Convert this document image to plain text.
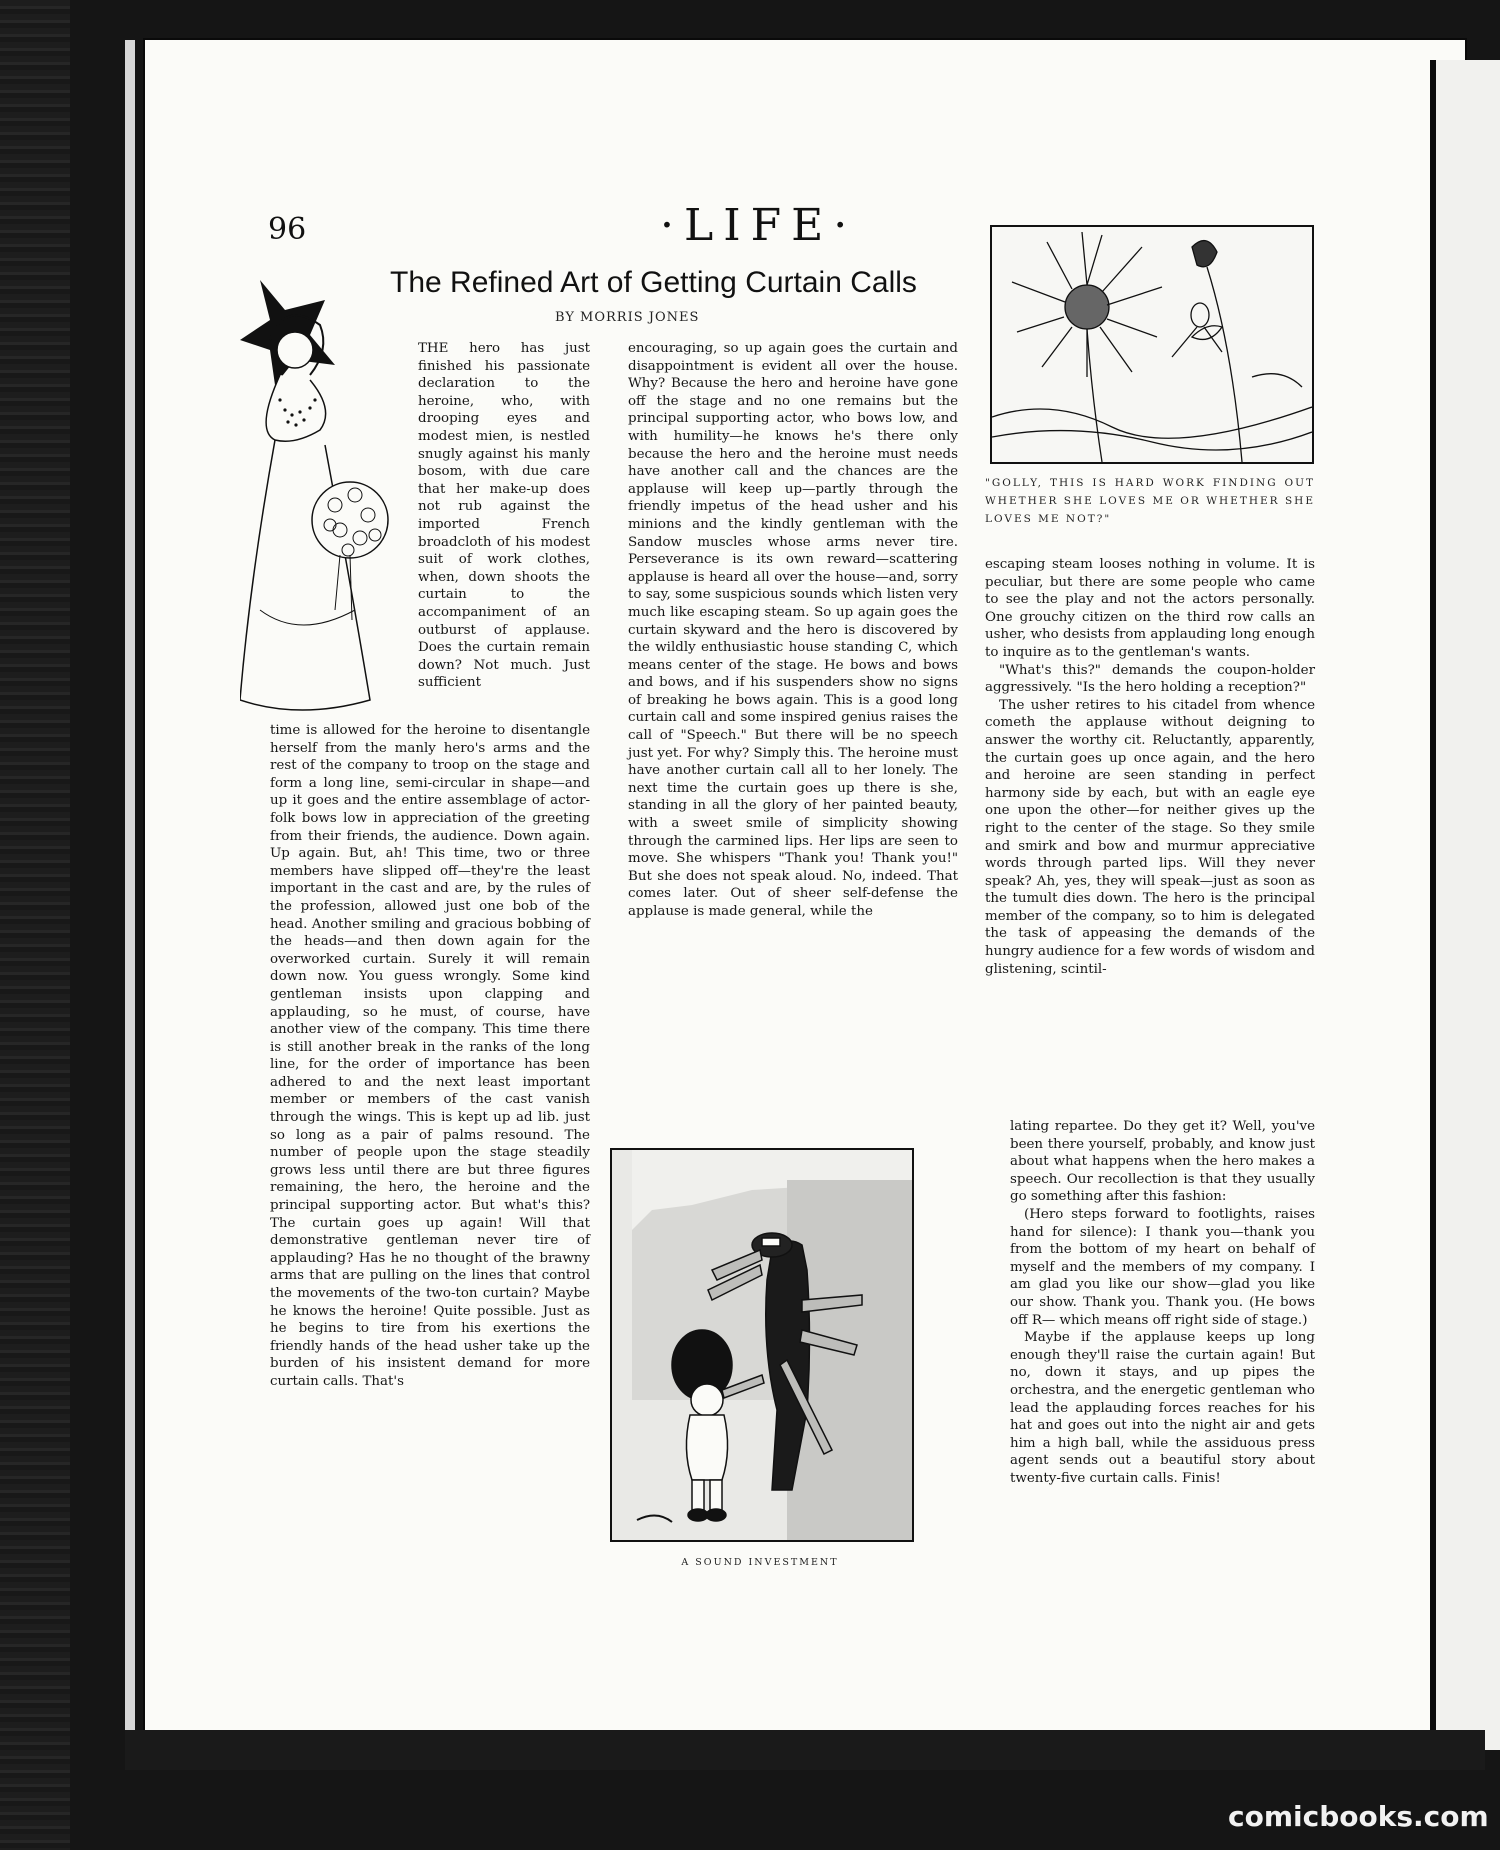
96	·LIFE·
The Refined Art of Getting Curtain Calls
BY MORRIS JONES

THE hero has just finished his passionate declaration to the heroine, who, with drooping eyes and modest mien, is nestled snugly against his manly bosom, with due care that her make-up does not rub against the imported French broadcloth of his modest suit of work clothes, when, down shoots the curtain to the accompaniment of an outburst of applause. Does the curtain remain down? Not much. Just sufficient

time is allowed for the heroine to disentangle herself from the manly hero's arms and the rest of the company to troop on the stage and form a long line, semi-circular in shape—and up it goes and the entire assemblage of actor-folk bows low in appreciation of the greeting from their friends, the audience. Down again. Up again. But, ah! This time, two or three members have slipped off—they're the least important in the cast and are, by the rules of the profession, allowed just one bob of the head. Another smiling and gracious bobbing of the heads—and then down again for the overworked curtain. Surely it will remain down now. You guess wrongly. Some kind gentleman insists upon clapping and applauding, so he must, of course, have another view of the company. This time there is still another break in the ranks of the long line, for the order of importance has been adhered to and the next least important member or members of the cast vanish through the wings. This is kept up ad lib. just so long as a pair of palms resound. The number of people upon the stage steadily grows less until there are but three figures remaining, the hero, the heroine and the principal supporting actor. But what's this? The curtain goes up again! Will that demonstrative gentleman never tire of applauding? Has he no thought of the brawny arms that are pulling on the lines that control the movements of the two-ton curtain? Maybe he knows the heroine! Quite possible. Just as he begins to tire from his exertions the friendly hands of the head usher take up the burden of his insistent demand for more curtain calls. That's

encouraging, so up again goes the curtain and disappointment is evident all over the house. Why? Because the hero and heroine have gone off the stage and no one remains but the principal supporting actor, who bows low, and with humility—he knows he's there only because the hero and the heroine must needs have another call and the chances are the applause will keep up—partly through the friendly impetus of the head usher and his minions and the kindly gentleman with the Sandow muscles whose arms never tire. Perseverance is its own reward—scattering applause is heard all over the house—and, sorry to say, some suspicious sounds which listen very much like escaping steam. So up again goes the curtain skyward and the hero is discovered by the wildly enthusiastic house standing C, which means center of the stage. He bows and bows and bows, and if his suspenders show no signs of breaking he bows again. This is a good long curtain call and some inspired genius raises the call of "Speech." But there will be no speech just yet. For why? Simply this. The heroine must have another curtain call all to her lonely. The next time the curtain goes up there is she, standing in all the glory of her painted beauty, with a sweet smile of simplicity showing through the carmined lips. Her lips are seen to move. She whispers "Thank you! Thank you!" But she does not speak aloud. No, indeed. That comes later. Out of sheer self-defense the applause is made general, while the

"GOLLY, THIS IS HARD WORK FINDING OUT WHETHER SHE LOVES ME OR WHETHER SHE LOVES ME NOT?"

escaping steam looses nothing in volume. It is peculiar, but there are some people who came to see the play and not the actors personally. One grouchy citizen on the third row calls an usher, who desists from applauding long enough to inquire as to the gentleman's wants.

"What's this?" demands the coupon-holder aggressively. "Is the hero holding a reception?"

The usher retires to his citadel from whence cometh the applause without deigning to answer the worthy cit. Reluctantly, apparently, the curtain goes up once again, and the hero and heroine are seen standing in perfect harmony side by each, but with an eagle eye one upon the other—for neither gives up the right to the center of the stage. So they smile and smirk and bow and murmur appreciative words through parted lips. Will they never speak? Ah, yes, they will speak—just as soon as the tumult dies down. The hero is the principal member of the company, so to him is delegated the task of appeasing the demands of the hungry audience for a few words of wisdom and glistening, scintil-

lating repartee. Do they get it? Well, you've been there yourself, probably, and know just about what happens when the hero makes a speech. Our recollection is that they usually go something after this fashion:

(Hero steps forward to footlights, raises hand for silence): I thank you—thank you from the bottom of my heart on behalf of myself and the members of my company. I am glad you like our show—glad you like our show. Thank you. Thank you. (He bows off R— which means off right side of stage.)

Maybe if the applause keeps up long enough they'll raise the curtain again! But no, down it stays, and up pipes the orchestra, and the energetic gentleman who lead the applauding forces reaches for his hat and goes out into the night air and gets him a high ball, while the assiduous press agent sends out a beautiful story about twenty-five curtain calls. Finis!

A SOUND INVESTMENT
comicbooks.com
